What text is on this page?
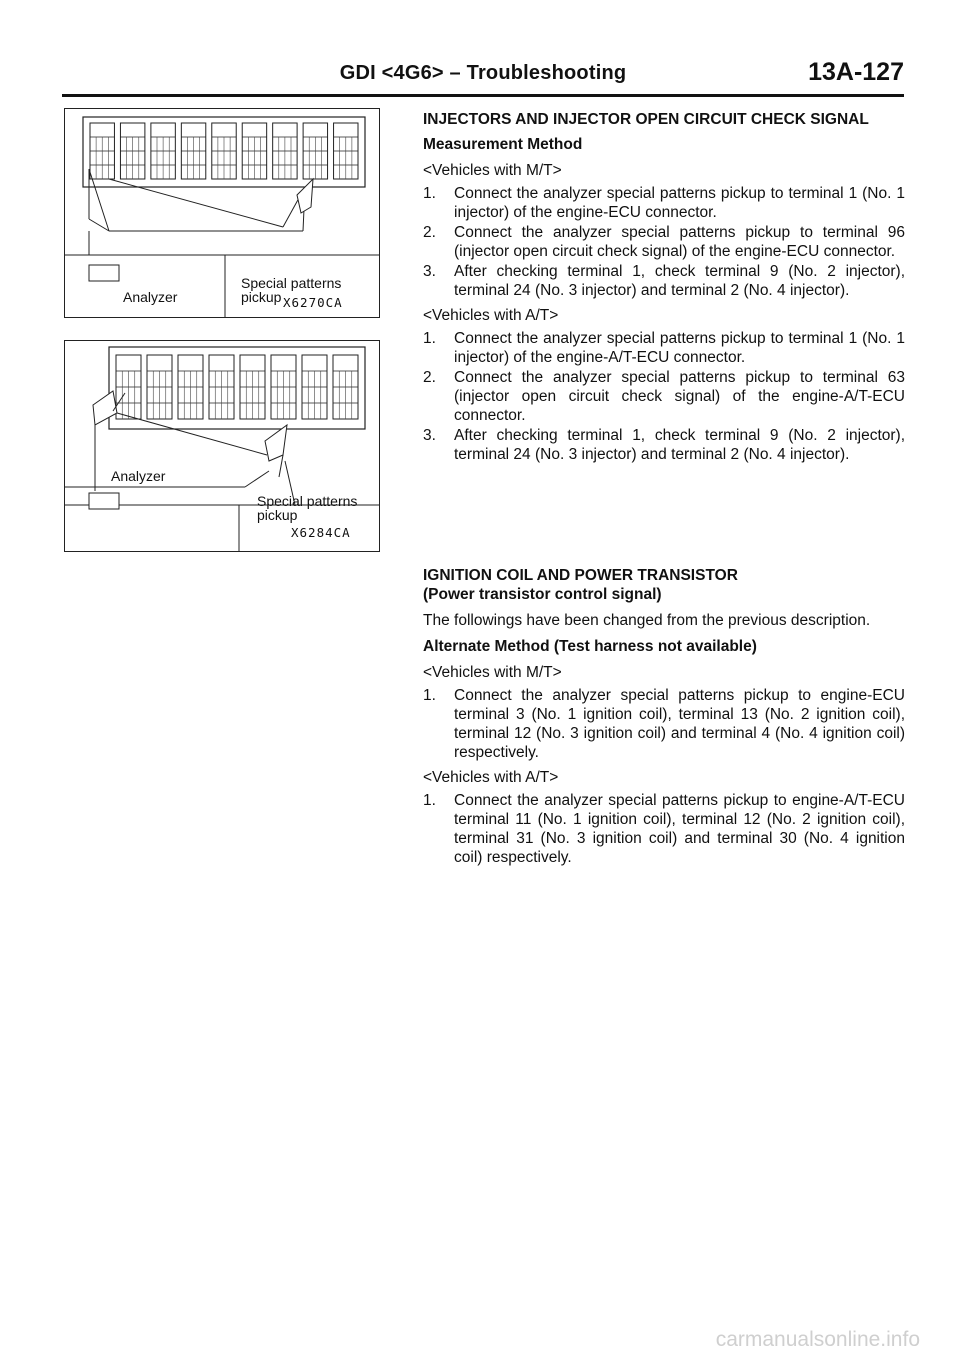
GDI <4G6> – Troubleshooting	13A-127
Analyzer
Special patterns
pickup X6270CA
Analyzer
Special patterns
pickup
X6284CA
INJECTORS AND INJECTOR OPEN CIRCUIT CHECK SIGNAL
Measurement Method
<Vehicles with M/T>
1.	Connect the analyzer special patterns pickup to terminal 1 (No. 1 injector) of the engine-ECU connector.
2.	Connect the analyzer special patterns pickup to terminal 96 (injector open circuit check signal) of the engine-ECU connector.
3.	After checking terminal 1, check terminal 9 (No. 2 injector), terminal 24 (No. 3 injector) and terminal 2 (No. 4 injector).
<Vehicles with A/T>
1.	Connect the analyzer special patterns pickup to terminal 1 (No. 1 injector) of the engine-A/T-ECU connector.
2.	Connect the analyzer special patterns pickup to terminal 63 (injector open circuit check signal) of the engine-A/T-ECU connector.
3.	After checking terminal 1, check terminal 9 (No. 2 injector), terminal 24 (No. 3 injector) and terminal 2 (No. 4 injector).
IGNITION COIL AND POWER TRANSISTOR
(Power transistor control signal)
The followings have been changed from the previous description.
Alternate Method (Test harness not available)
<Vehicles with M/T>
1.	Connect the analyzer special patterns pickup to engine-ECU terminal 3 (No. 1 ignition coil), terminal 13 (No. 2 ignition coil), terminal 12 (No. 3 ignition coil) and terminal 4 (No. 4 ignition coil) respectively.
<Vehicles with A/T>
1.	Connect the analyzer special patterns pickup to engine-A/T-ECU terminal 11 (No. 1 ignition coil), terminal 12 (No. 2 ignition coil), terminal 31 (No. 3 ignition coil) and terminal 30 (No. 4 ignition coil) respectively.
carmanualsonline.info
